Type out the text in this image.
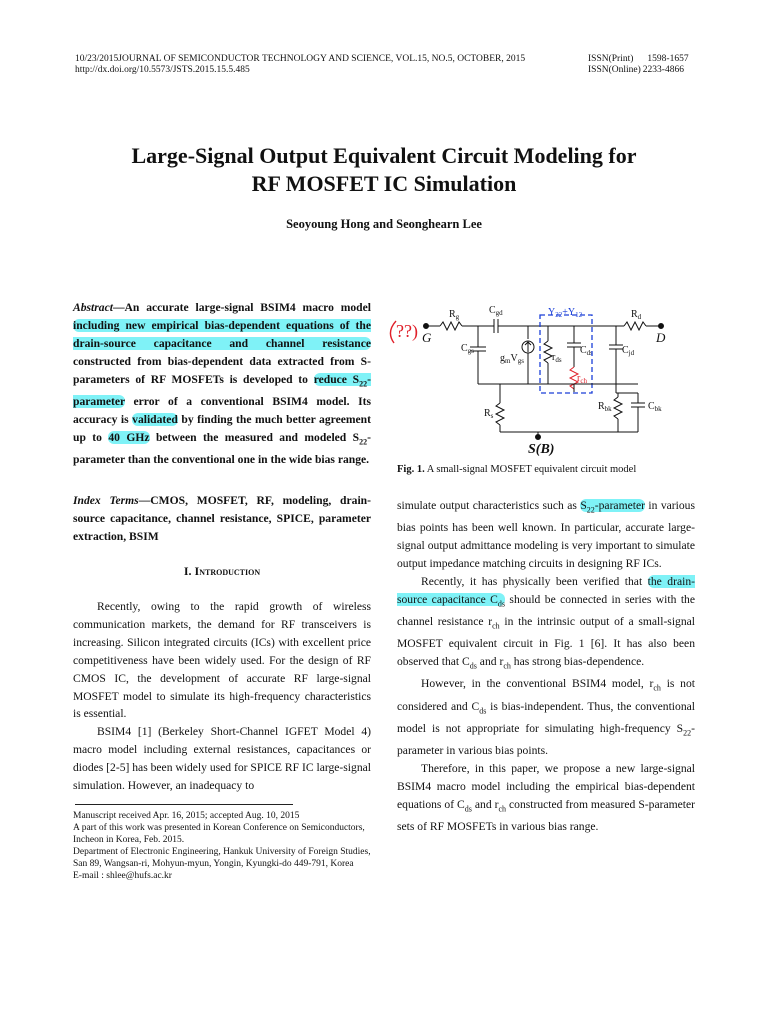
10/23/2015JOURNAL OF SEMICONDUCTOR TECHNOLOGY AND SCIENCE, VOL.15, NO.5, OCTOBER, 2015
http://dx.doi.org/10.5573/JSTS.2015.15.5.485
ISSN(Print) 1598-1657
ISSN(Online) 2233-4866
Large-Signal Output Equivalent Circuit Modeling for
RF MOSFET IC Simulation
Seoyoung Hong and Seonghearn Lee
Abstract—An accurate large-signal BSIM4 macro model including new empirical bias-dependent equations of the drain-source capacitance and channel resistance constructed from bias-dependent data extracted from S-parameters of RF MOSFETs is developed to reduce $S_{22}$-parameter error of a conventional BSIM4 model. Its accuracy is validated by finding the much better agreement up to 40 GHz between the measured and modeled $S_{22}$-parameter than the conventional one in the wide bias range.
Index Terms—CMOS, MOSFET, RF, modeling, drain-source capacitance, channel resistance, SPICE, parameter extraction, BSIM
I. Introduction

Recently, owing to the rapid growth of wireless communication markets, the demand for RF transceivers is increasing. Silicon integrated circuits (ICs) with excellent price competitiveness have been widely used. For the design of RF CMOS IC, the development of accurate RF large-signal MOSFET model to simulate its high-frequency characteristics is essential.

BSIM4 [1] (Berkeley Short-Channel IGFET Model 4) macro model including external resistances, capacitances or diodes [2-5] has been widely used for SPICE RF IC large-signal simulation. However, an inadequacy to

Manuscript received Apr. 16, 2015; accepted Aug. 10, 2015
A part of this work was presented in Korean Conference on Semiconductors, Incheon in Korea, Feb. 2015.
Department of Electronic Engineering, Hankuk University of Foreign Studies, San 89, Wangsan-ri, Mohyun-myun, Yongin, Kyungki-do 449-791, Korea
E-mail : shlee@hufs.ac.kr
??) G
$R_g$
$C_{gd}$
$C_{gs}$
$g_mV_{gs}$	$r_{ds}$
$C_{ds}$
$r_{ch}$
$Y_{22}+Y_{12}$	$R_d$
D
$C_{jd}$
$R_s$
$R_{bk}$	$C_{bk}$
S(B)
Fig. 1. A small-signal MOSFET equivalent circuit model

simulate output characteristics such as $S_{22}$-parameter in various bias points has been well known. In particular, accurate large-signal output admittance modeling is very important to simulate output impedance matching circuits in designing RF ICs.

Recently, it has physically been verified that the drain-source capacitance $C_{ds}$ should be connected in series with the channel resistance $r_{ch}$ in the intrinsic output of a small-signal MOSFET equivalent circuit in Fig. 1 [6]. It has also been observed that $C_{ds}$ and $r_{ch}$ has strong bias-dependence.

However, in the conventional BSIM4 model, $r_{ch}$ is not considered and $C_{ds}$ is bias-independent. Thus, the conventional model is not appropriate for simulating high-frequency $S_{22}$-parameter in various bias points.

Therefore, in this paper, we propose a new large-signal BSIM4 macro model including the empirical bias-dependent equations of $C_{ds}$ and $r_{ch}$ constructed from measured S-parameter sets of RF MOSFETs in various bias range.
